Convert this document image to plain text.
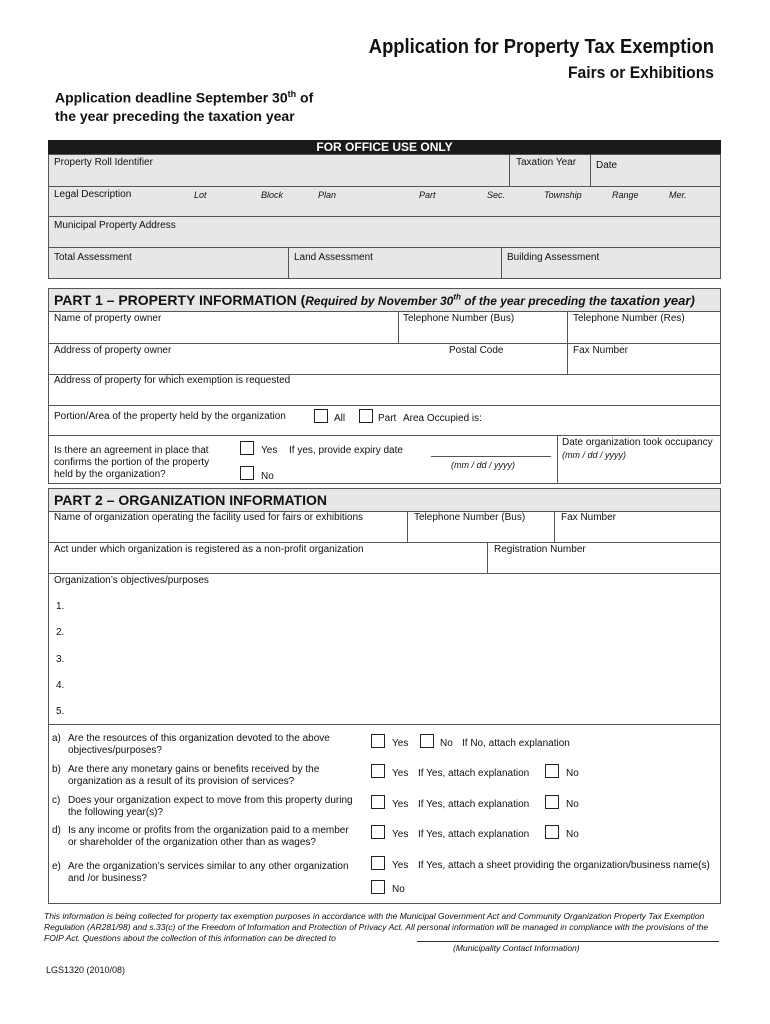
Application for Property Tax Exemption
Fairs or Exhibitions
Application deadline September 30th of
the year preceding the taxation year
FOR OFFICE USE ONLY
Property Roll Identifier	Taxation Year Date
Legal Description	Lot	Block	Plan	Part	Sec.	Township	Range	Mer.
Municipal Property Address
Total Assessment	Land Assessment	Building Assessment
PART 1 – PROPERTY INFORMATION (Required by November 30th of the year preceding the taxation year)
Name of property owner	Telephone Number (Bus)	Telephone Number (Res)
Address of property owner	Postal Code	Fax Number
Address of property for which exemption is requested
Portion/Area of the property held by the organization	All	Part Area Occupied is:
Is there an agreement in place that confirms the portion of the property held by the organization?
Yes If yes, provide expiry date
(mm / dd / yyyy)
No
Date organization took occupancy
(mm / dd / yyyy)
PART 2 – ORGANIZATION INFORMATION
Name of organization operating the facility used for fairs or exhibitions	Telephone Number (Bus)	Fax Number
Act under which organization is registered as a non-profit organization	Registration Number
Organization’s objectives/purposes
1.
2.
3.
4.
5.
a) Are the resources of this organization devoted to the above objectives/purposes?
Yes	No If No, attach explanation
b) Are there any monetary gains or benefits received by the organization as a result of its provision of services?
Yes If Yes, attach explanation	No
c) Does your organization expect to move from this property during the following year(s)?
Yes If Yes, attach explanation	No
d) Is any income or profits from the organization paid to a member or shareholder of the organization other than as wages?
Yes If Yes, attach explanation	No
e) Are the organization’s services similar to any other organization and /or business?
Yes If Yes, attach a sheet providing the organization/business name(s)
No
This information is being collected for property tax exemption purposes in accordance with the Municipal Government Act and Community Organization Property Tax Exemption Regulation (AR281/98) and s.33(c) of the Freedom of Information and Protection of Privacy Act. All personal information will be managed in compliance with the provisions of the FOIP Act. Questions about the collection of this information can be directed to
(Municipality Contact Information)
LGS1320 (2010/08)
